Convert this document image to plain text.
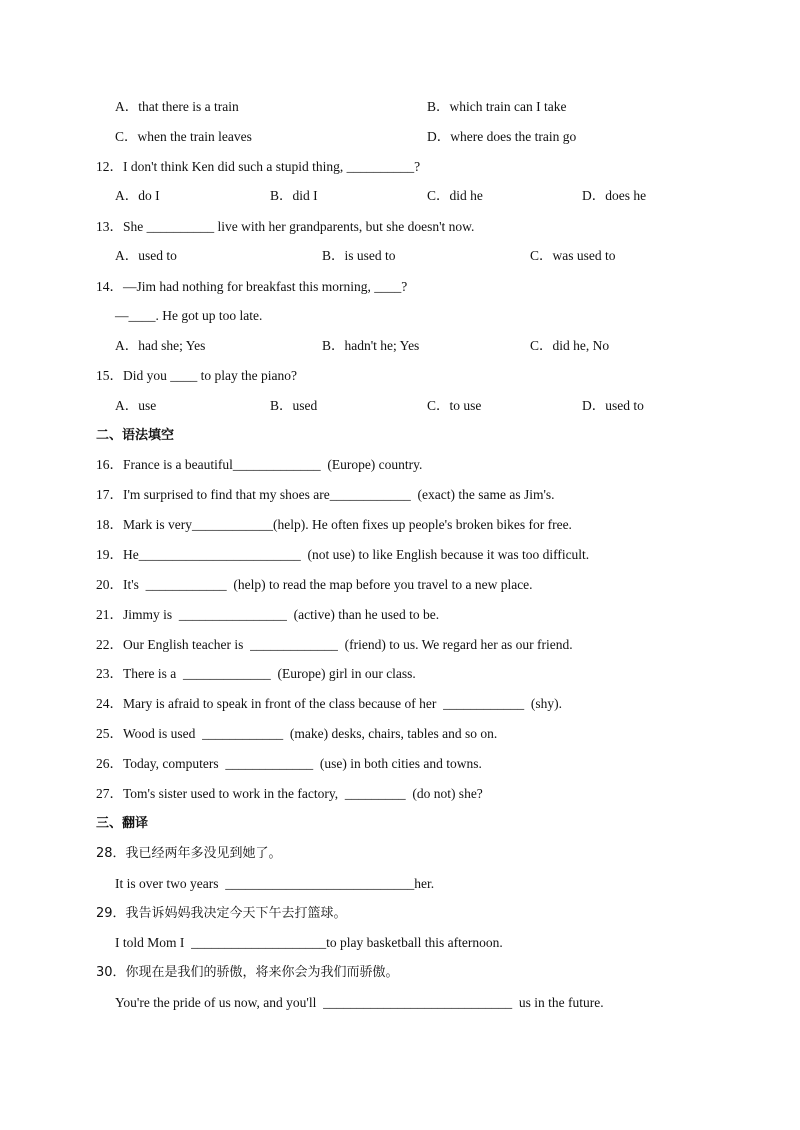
A．that there is a train	B．which train can I take
C．when the train leaves	D．where does the train go
12．I don't think Ken did such a stupid thing, __________?
A．do I	B．did I	C．did he	D．does he
13．She __________ live with her grandparents, but she doesn't now.
A．used to	B．is used to	C．was used to
14．—Jim had nothing for breakfast this morning, ____?
—____. He got up too late.
A．had she; Yes	B．hadn't he; Yes	C．did he, No
15．Did you ____ to play the piano?
A．use	B．used	C．to use	D．used to
二、语法填空
16．France is a beautiful_____________  (Europe) country.
17．I'm surprised to find that my shoes are____________  (exact) the same as Jim's.
18．Mark is very____________(help). He often fixes up people's broken bikes for free.
19．He________________________  (not use) to like English because it was too difficult.
20．It's  ____________  (help) to read the map before you travel to a new place.
21．Jimmy is  ________________  (active) than he used to be.
22．Our English teacher is  _____________  (friend) to us. We regard her as our friend.
23．There is a  _____________  (Europe) girl in our class.
24．Mary is afraid to speak in front of the class because of her  ____________  (shy).
25．Wood is used  ____________  (make) desks, chairs, tables and so on.
26．Today, computers  _____________  (use) in both cities and towns.
27．Tom's sister used to work in the factory,  _________  (do not) she?
三、翻译
28．我已经两年多没见到她了。
It is over two years  ____________________________her.
29．我告诉妈妈我决定今天下午去打篮球。
I told Mom I  ____________________to play basketball this afternoon.
30．你现在是我们的骄傲，将来你会为我们而骄傲。
You're the pride of us now, and you'll  ____________________________  us in the future.
